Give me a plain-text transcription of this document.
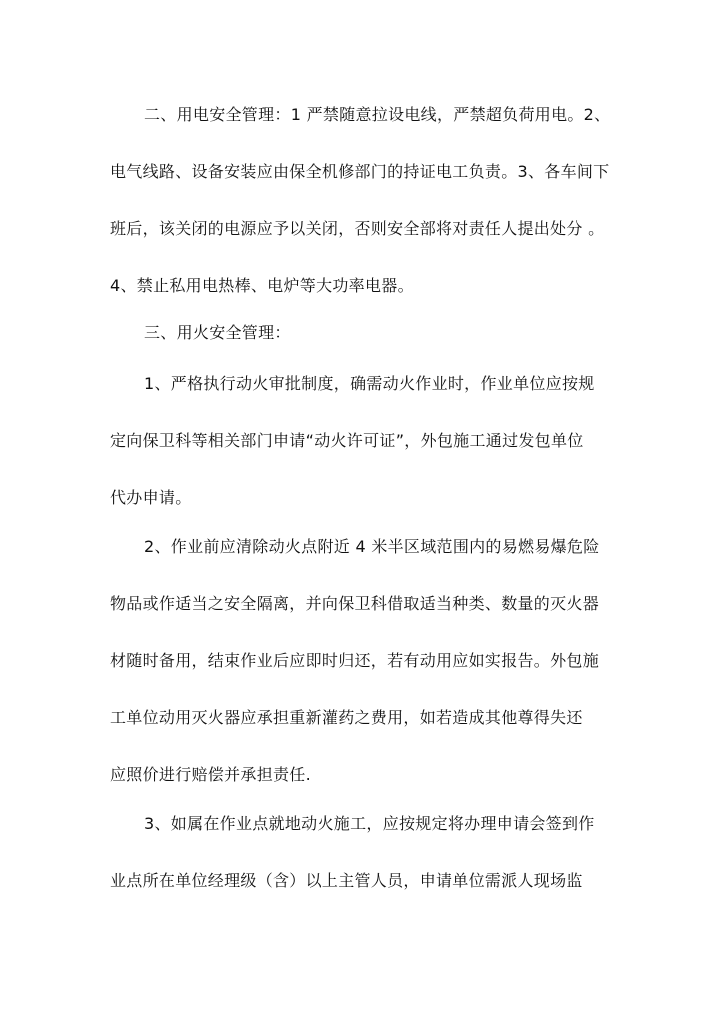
二、用电安全管理：1 严禁随意拉设电线，严禁超负荷用电。2、
电气线路、设备安装应由保全机修部门的持证电工负责。3、各车间下
班后，该关闭的电源应予以关闭，否则安全部将对责任人提出处分 。
4、禁止私用电热棒、电炉等大功率电器。
三、用火安全管理：
1、严格执行动火审批制度，确需动火作业时，作业单位应按规
定向保卫科等相关部门申请“动火许可证”，外包施工通过发包单位
代办申请。
2、作业前应清除动火点附近 4 米半区域范围内的易燃易爆危险
物品或作适当之安全隔离，并向保卫科借取适当种类、数量的灭火器
材随时备用，结束作业后应即时归还，若有动用应如实报告。外包施
工单位动用灭火器应承担重新灌药之费用，如若造成其他尊得失还
应照价进行赔偿并承担责任.
3、如属在作业点就地动火施工，应按规定将办理申请会签到作
业点所在单位经理级（含）以上主管人员，申请单位需派人现场监
